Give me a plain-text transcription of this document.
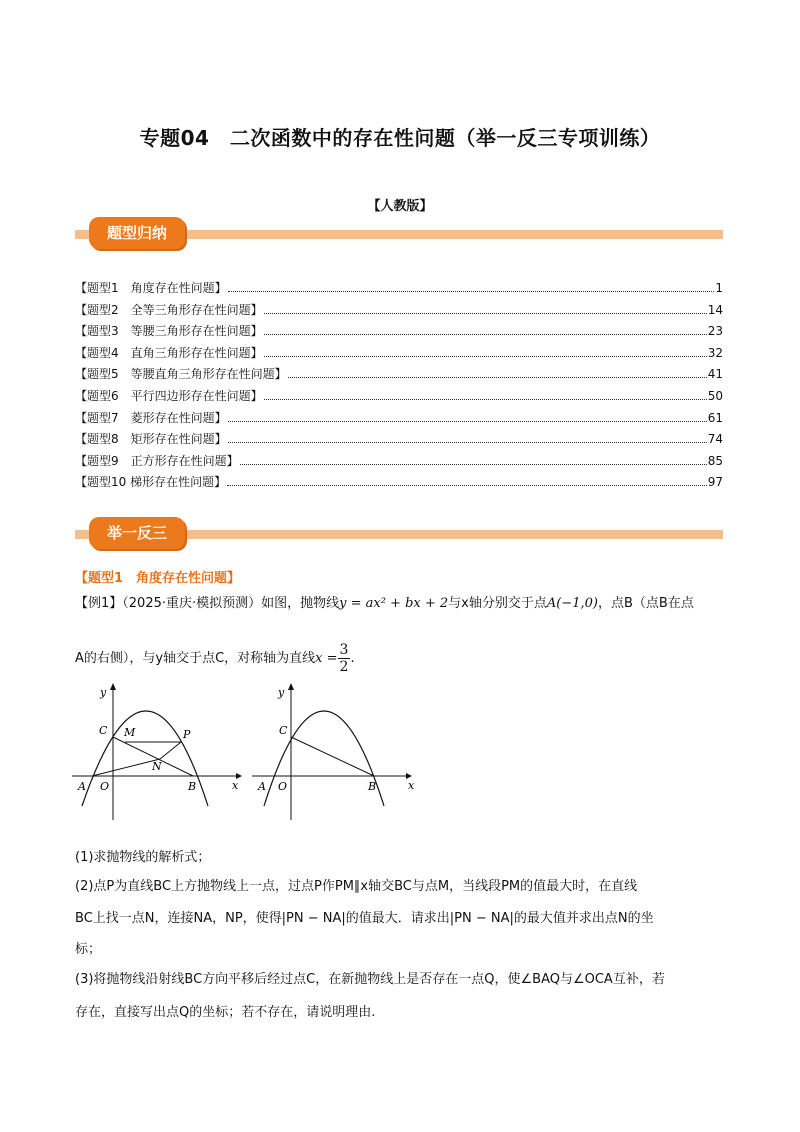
专题04　二次函数中的存在性问题（举一反三专项训练）
【人教版】
题型归纳
【题型1　角度存在性问题】	1
【题型2　全等三角形存在性问题】	14
【题型3　等腰三角形存在性问题】	23
【题型4　直角三角形存在性问题】	32
【题型5　等腰直角三角形存在性问题】	41
【题型6　平行四边形存在性问题】	50
【题型7　菱形存在性问题】	61
【题型8　矩形存在性问题】	74
【题型9　正方形存在性问题】	85
【题型10 梯形存在性问题】	97
举一反三
【题型1　角度存在性问题】
【例1】（2025·重庆·模拟预测）如图，抛物线y = ax² + bx + 2与x轴分别交于点A(−1,0)，点B（点B在点
A的右侧），与y轴交于点C，对称轴为直线$x = \frac{3}{2}$ .
y
x
A O	B
C M	P
N
y
x
A O	B
C
(1)求抛物线的解析式；
(2)点P为直线BC上方抛物线上一点，过点P作PM∥x轴交BC与点M，当线段PM的值最大时，在直线
BC上找一点N，连接NA，NP，使得|PN − NA|的值最大．请求出|PN − NA|的最大值并求出点N的坐
标；
(3)将抛物线沿射线BC方向平移后经过点C，在新抛物线上是否存在一点Q，使∠BAQ与∠OCA互补，若
存在，直接写出点Q的坐标；若不存在，请说明理由.
